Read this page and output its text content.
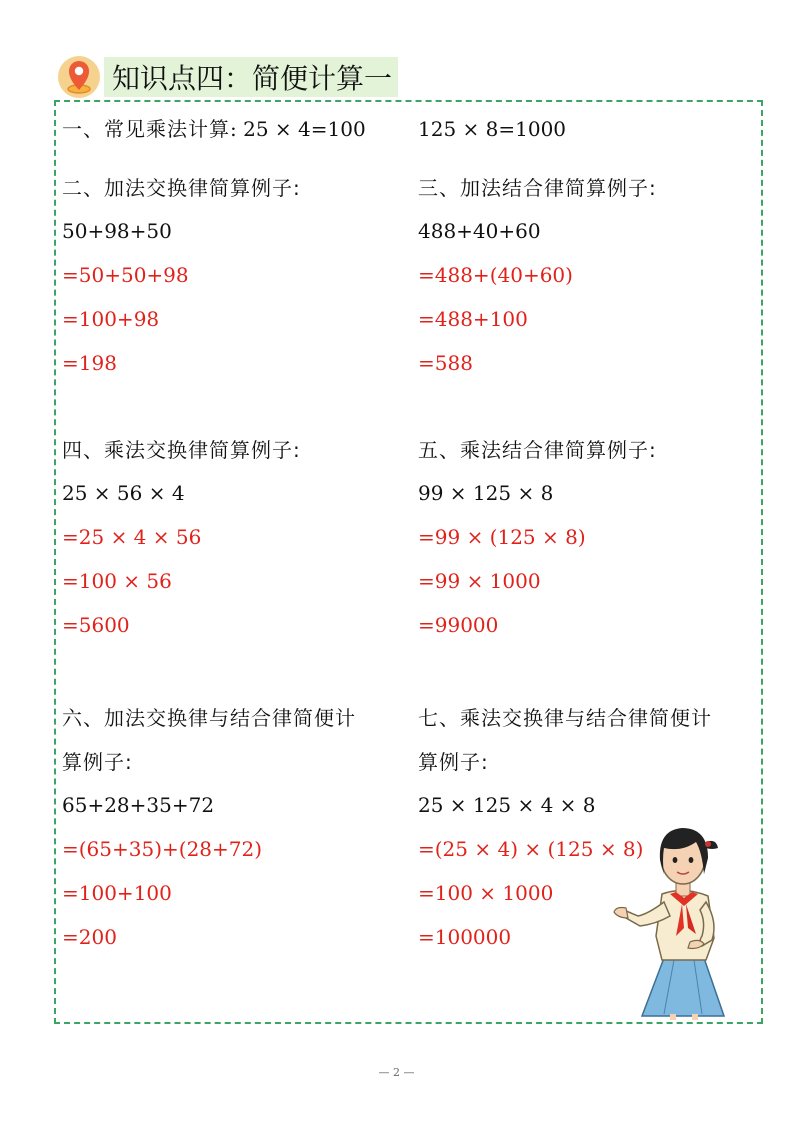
知识点四：简便计算一
一、常见乘法计算: 25 × 4=100	125 × 8=1000
二、加法交换律简算例子:
50+98+50
=50+50+98
=100+98
=198
三、加法结合律简算例子:
488+40+60
=488+(40+60)
=488+100
=588
四、乘法交换律简算例子:
25 × 56 × 4
=25 × 4 × 56
=100 × 56
=5600
五、乘法结合律简算例子:
99 × 125 × 8
=99 × (125 × 8)
=99 × 1000
=99000
六、加法交换律与结合律简便计
算例子:
65+28+35+72
=(65+35)+(28+72)
=100+100
=200
七、乘法交换律与结合律简便计
算例子:
25 × 125 × 4 × 8
=(25 × 4) × (125 × 8)
=100 × 1000
=100000
— 2 —
